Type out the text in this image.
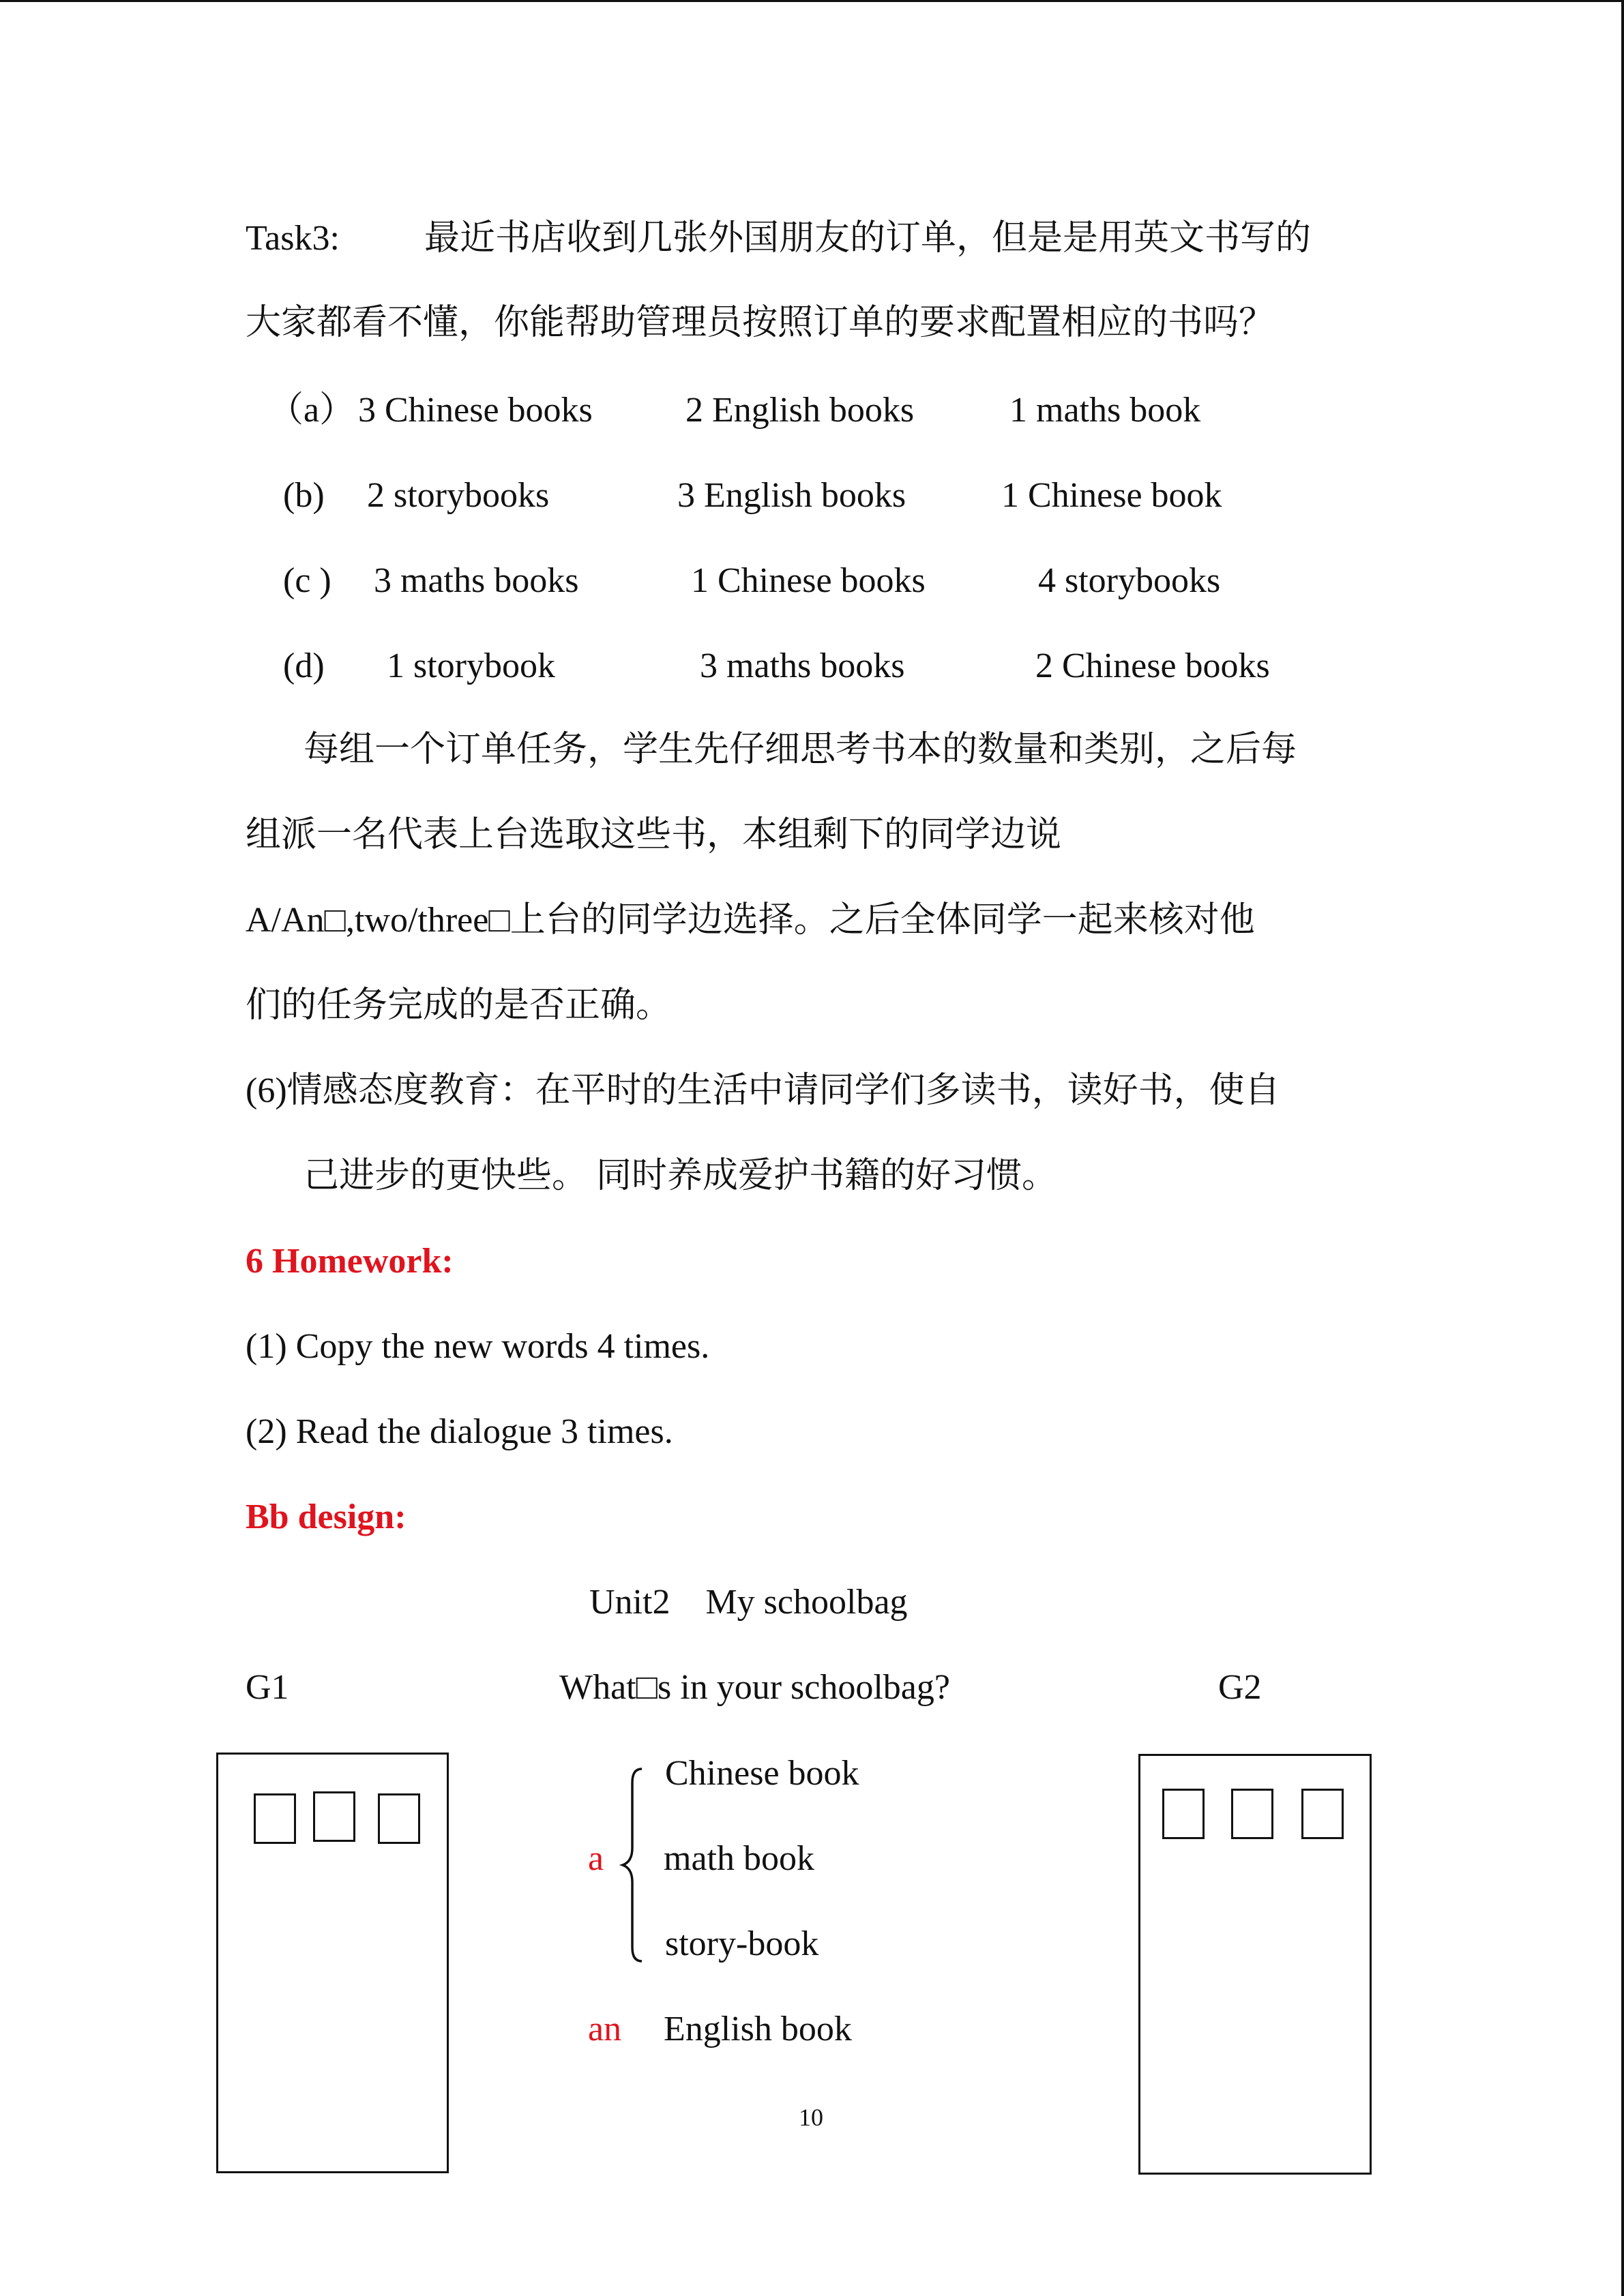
Task3: 最近书店收到几张外国朋友的订单，但是是用英文书写的
大家都看不懂，你能帮助管理员按照订单的要求配置相应的书吗？
（a） 3 Chinese books	2 English books	1 maths book
(b) 2 storybooks	3 English books	1 Chinese book
(c ) 3 maths books	1 Chinese books	4 storybooks
(d) 1 storybook	3 maths books	2 Chinese books
每组一个订单任务，学生先仔细思考书本的数量和类别，之后每
组派一名代表上台选取这些书，本组剩下的同学边说
A/An□,two/three□上台的同学边选择。之后全体同学一起来核对他
们的任务完成的是否正确。
(6)情感态度教育：在平时的生活中请同学们多读书，读好书，使自
己进步的更快些。 同时养成爱护书籍的好习惯。
6 Homework:
(1) Copy the new words 4 times.
(2) Read the dialogue 3 times.
Bb design:
Unit2    My schoolbag
G1	What□s in your schoolbag?	G2
a
Chinese book
math book
story-book
an English book
10
